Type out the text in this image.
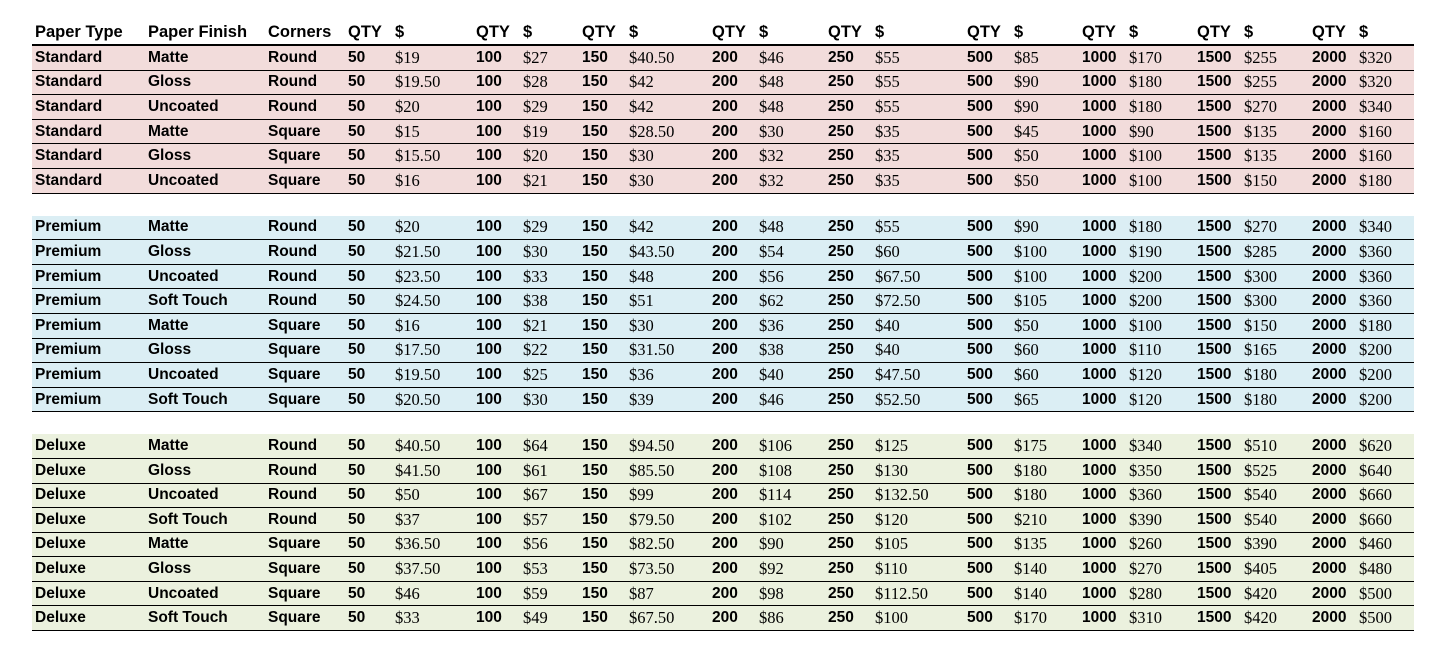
Paper Type	Paper Finish	Corners	QTY	$	QTY	$	QTY	$	QTY	$	QTY	$	QTY	$	QTY	$	QTY	$	QTY	$
Standard	Matte	Round	50	$19	100	$27	150	$40.50	200	$46	250	$55	500	$85	1000	$170	1500	$255	2000	$320
Standard	Gloss	Round	50	$19.50	100	$28	150	$42	200	$48	250	$55	500	$90	1000	$180	1500	$255	2000	$320
Standard	Uncoated	Round	50	$20	100	$29	150	$42	200	$48	250	$55	500	$90	1000	$180	1500	$270	2000	$340
Standard	Matte	Square	50	$15	100	$19	150	$28.50	200	$30	250	$35	500	$45	1000	$90	1500	$135	2000	$160
Standard	Gloss	Square	50	$15.50	100	$20	150	$30	200	$32	250	$35	500	$50	1000	$100	1500	$135	2000	$160
Standard	Uncoated	Square	50	$16	100	$21	150	$30	200	$32	250	$35	500	$50	1000	$100	1500	$150	2000	$180

Premium	Matte	Round	50	$20	100	$29	150	$42	200	$48	250	$55	500	$90	1000	$180	1500	$270	2000	$340
Premium	Gloss	Round	50	$21.50	100	$30	150	$43.50	200	$54	250	$60	500	$100	1000	$190	1500	$285	2000	$360
Premium	Uncoated	Round	50	$23.50	100	$33	150	$48	200	$56	250	$67.50	500	$100	1000	$200	1500	$300	2000	$360
Premium	Soft Touch	Round	50	$24.50	100	$38	150	$51	200	$62	250	$72.50	500	$105	1000	$200	1500	$300	2000	$360
Premium	Matte	Square	50	$16	100	$21	150	$30	200	$36	250	$40	500	$50	1000	$100	1500	$150	2000	$180
Premium	Gloss	Square	50	$17.50	100	$22	150	$31.50	200	$38	250	$40	500	$60	1000	$110	1500	$165	2000	$200
Premium	Uncoated	Square	50	$19.50	100	$25	150	$36	200	$40	250	$47.50	500	$60	1000	$120	1500	$180	2000	$200
Premium	Soft Touch	Square	50	$20.50	100	$30	150	$39	200	$46	250	$52.50	500	$65	1000	$120	1500	$180	2000	$200

Deluxe	Matte	Round	50	$40.50	100	$64	150	$94.50	200	$106	250	$125	500	$175	1000	$340	1500	$510	2000	$620
Deluxe	Gloss	Round	50	$41.50	100	$61	150	$85.50	200	$108	250	$130	500	$180	1000	$350	1500	$525	2000	$640
Deluxe	Uncoated	Round	50	$50	100	$67	150	$99	200	$114	250	$132.50	500	$180	1000	$360	1500	$540	2000	$660
Deluxe	Soft Touch	Round	50	$37	100	$57	150	$79.50	200	$102	250	$120	500	$210	1000	$390	1500	$540	2000	$660
Deluxe	Matte	Square	50	$36.50	100	$56	150	$82.50	200	$90	250	$105	500	$135	1000	$260	1500	$390	2000	$460
Deluxe	Gloss	Square	50	$37.50	100	$53	150	$73.50	200	$92	250	$110	500	$140	1000	$270	1500	$405	2000	$480
Deluxe	Uncoated	Square	50	$46	100	$59	150	$87	200	$98	250	$112.50	500	$140	1000	$280	1500	$420	2000	$500
Deluxe	Soft Touch	Square	50	$33	100	$49	150	$67.50	200	$86	250	$100	500	$170	1000	$310	1500	$420	2000	$500
